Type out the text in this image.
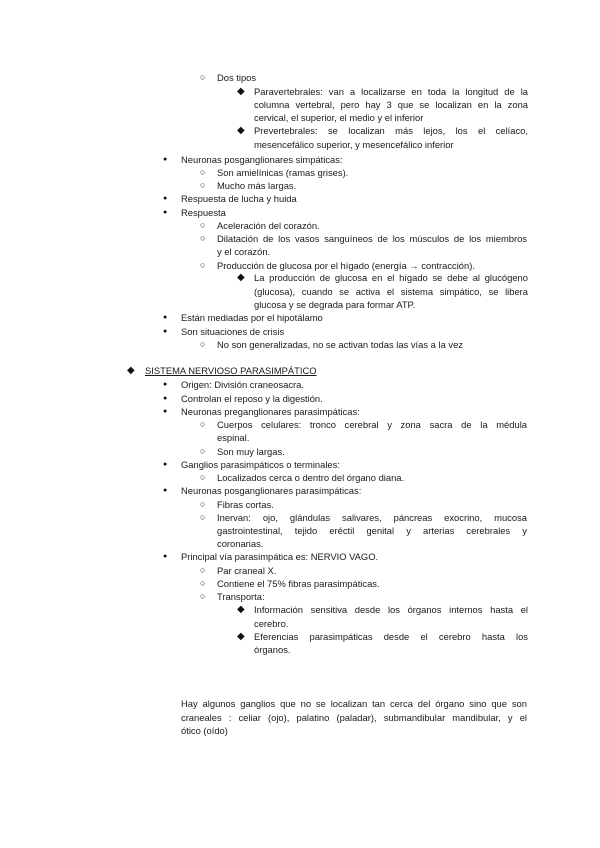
○
◆
◆
●
○
○
●
●
○
○
○
◆
●
●
○
◆
●
●
●
○
○
●
○
●
○
○
●
○
○
○
◆
◆
Dos tipos
Paravertebrales: van a localizarse en toda la longitud de la
columna vertebral, pero hay 3 que se localizan en la zona
cervical, el superior, el medio y el inferior
Prevertebrales: se localizan más lejos, los el celíaco,
mesencefálico superior, y mesencefálico inferior
Neuronas posganglionares simpáticas:
Son amielínicas (ramas grises).
Mucho más largas.
Respuesta de lucha y huida
Respuesta
Aceleración del corazón.
Dilatación de los vasos sanguíneos de los músculos de los miembros
y el corazón.
Producción de glucosa por el hígado (energía → contracción).
La producción de glucosa en el hígado se debe al glucógeno
(glucosa), cuando se activa el sistema simpático, se libera
glucosa y se degrada para formar ATP.
Están mediadas por el hipotálamo
Son situaciones de crisis
No son generalizadas, no se activan todas las vías a la vez
SISTEMA NERVIOSO PARASIMPÁTICO
Origen: División craneosacra.
Controlan el reposo y la digestión.
Neuronas preganglionares parasimpáticas:
Cuerpos celulares: tronco cerebral y zona sacra de la médula
espinal.
Son muy largas.
Ganglios parasimpáticos o terminales:
Localizados cerca o dentro del órgano diana.
Neuronas posganglionares parasimpáticas:
Fibras cortas.
Inervan: ojo, glándulas salivares, páncreas exocrino, mucosa
gastrointestinal, tejido eréctil genital y arterias cerebrales y
coronarias.
Principal vía parasimpática es: NERVIO VAGO.
Par craneal X.
Contiene el 75% fibras parasimpáticas.
Transporta:
Información sensitiva desde los órganos internos hasta el
cerebro.
Eferencias parasimpáticas desde el cerebro hasta los
órganos.
Hay algunos ganglios que no se localizan tan cerca del órgano sino que son
craneales : celiar (ojo), palatino (paladar), submandibular mandibular, y el
ótico (oído)
